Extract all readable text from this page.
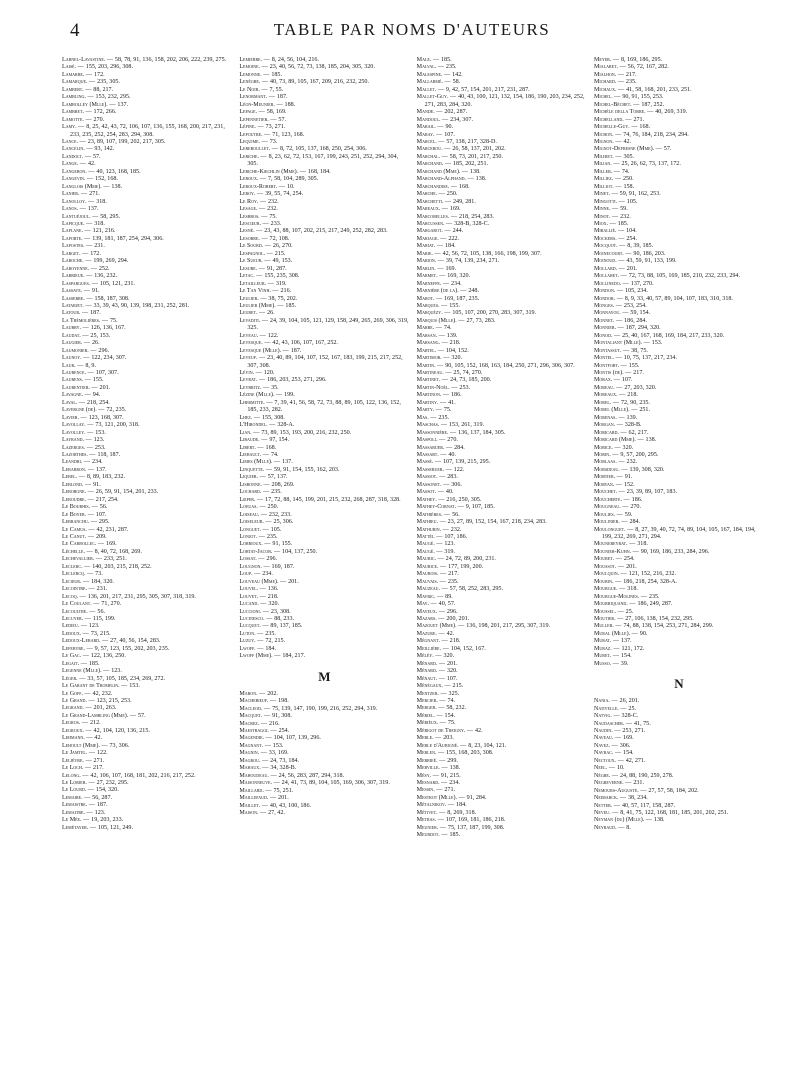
4	TABLE PAR NOMS D'AUTEURS
Labnel-Lavastine. — 58, 78, 91, 136, 158, 202, 206, 222, 239, 275.
Laisé. — 155, 203, 296, 308.
Lamarre. — 172.
Lamarque. — 235, 305.
Lambert. — 88, 217.
Lambling. — 153, 232, 295.
Lambolley (Mlle). — 137.
Lambret. — 172, 266.
Lamotte. — 270.
Lamy. — 8, 25, 42, 43, 72, 106, 107, 136, 155, 168, 200, 217, 231, 233, 235, 252, 254, 283, 294, 308.
Lance. — 23, 89, 107, 199, 202, 217, 305.
Lancelin. — 93, 142.
Landolt. — 57.
Lange. — 42.
Langeron. — 40, 123, 168, 185.
Langevin. — 152, 168.
Langlois (Mme). — 138.
Lanier. — 271.
Lanolloy. — 318.
Lanos. — 137.
Lantuéjoul. — 58, 295.
Lapicque. — 318.
Laplane. — 121, 216.
Laporte. — 139, 181, 187, 254, 294, 306.
Lapostes. — 231.
Larget. — 172.
Laroche. — 199, 269, 294.
Laroyenne. — 252.
Larrieue. — 136, 232.
Laspargues. — 105, 121, 231.
Lassave. — 91.
Lasserre. — 158, 187, 308.
Latarjet. — 33, 39, 43, 90, 139, 198, 231, 252, 281.
Latour. — 187.
La Trémolières. — 75.
Laubry. — 126, 136, 167.
Laudat. — 25, 153.
Laugier. — 26.
Laumonier. — 296.
Launoy. — 122, 234, 307.
Laur. — 8, 9.
Laurence. — 107, 307.
Laurens. — 155.
Laurentier. — 201.
Lavagne. — 94.
Laval. — 218, 254.
Lavergne (de). — 72, 235.
Lavier. — 123, 168, 307.
Lavollay. — 73, 121, 200, 318.
Lavolley. — 153.
Layrand. — 123.
Lazerges. — 253.
Lazorthes. — 118, 187.
Leandri. — 234.
Lebarron. — 137.
Lebel. — 8, 89, 183, 232.
Leblond. — 91.
Leborgne. — 26, 59, 91, 154, 201, 233.
Leboudre. — 217, 254.
Le Bourhis. — 56.
Le Boyer. — 107.
Lebranchu. — 295.
Le Camus. — 42, 231, 287.
Le Canut. — 209.
Le Carbollec. — 169.
Léchelle. — 8, 40, 72, 168, 269.
Lechevallier. — 233, 251.
Leclerc. — 140, 203, 215, 218, 252.
Leclercq. — 73.
Lecœur. — 184, 320.
Lecointre. — 231.
Lecoq. — 136, 201, 217, 231, 295, 305, 307, 318, 319.
Le Coulant. — 71, 270.
Lecoultre. — 56.
Lecuyer. — 115, 199.
Ledieu. — 123.
Ledoux. — 73, 215.
Ledoux-Lebard. — 27, 40, 56, 154, 283.
Lefebvre. — 9, 57, 123, 155, 202, 203, 235.
Le Gac. — 122, 136, 250.
Legait. — 185.
Legenne (Mlle). — 123.
Léger. — 33, 57, 105, 185, 234, 269, 272.
Le Garant de Tromelin. — 153.
Le Goff. — 42, 232.
Le Grand. — 123, 215, 253.
Legrand. — 201, 263.
Le Grand-Lambling (Mme). — 57.
Legros. — 212.
Legroux. — 42, 104, 120, 136, 215.
Lehmann. — 42.
Lehoult (Mme). — 73, 306.
Le Jamtel. — 122.
Lelièvre. — 271.
Le Loch. — 217.
Lelong. — 42, 106, 107, 168, 181, 202, 216, 217, 252.
Le Lorier. — 27, 232, 295.
Le Lourd. — 154, 320.
Lemaire. — 56, 287.
Lemaistre. — 187.
Lemaitre. — 123.
Le Mée. — 19, 203, 233.
Lemétayer. — 105, 121, 249.
Lemierre. — 8, 24, 56, 104, 216.
Lemoine. — 23, 40, 56, 72, 73, 138, 185, 204, 305, 320.
Lemonne. — 185.
Lenègre. — 40, 73, 89, 105, 167, 209, 216, 232, 250.
Le Noir. — 7, 55.
Lenormant. — 187.
Léon-Meunier. — 188.
Lepage. — 58, 169.
Lepennetier. — 57.
Lépine. — 73, 271.
Lepoutre. — 71, 123, 168.
Lequime. — 73.
Lereboullet. — 8, 72, 105, 137, 168, 250, 254, 306.
Leriche. — 8, 23, 62, 72, 153, 167, 199, 243, 251, 252, 294, 304, 305.
Leriche-Kœchlin (Mme). — 168, 184.
Leroux. — 7, 58, 104, 289, 305.
Leroux-Robert. — 10.
Leroy. — 39, 55, 74, 254.
Le Roy. — 232.
Lesage. — 232.
Lesbros. — 75.
Lescœur. — 233.
Lesné. — 23, 43, 88, 107, 202, 215, 217, 249, 252, 282, 283.
Lesobre. — 72, 108.
Le Sourd. — 26, 270.
Lespagnol. — 215.
Le Sueur. — 49, 153.
Lesure. — 91, 287.
Letac. — 155, 235, 308.
Letailleur. — 319.
Le Tan Vinh. — 216.
Leulier. — 38, 75, 202.
Leulier (Mme). — 185.
Leuret. — 26.
Levaditi. — 24, 39, 104, 105, 121, 129, 158, 249, 265, 269, 306, 319, 325.
Leveau. — 122.
Levesque. — 42, 43, 106, 107, 167, 252.
Levesque (Mlle). — 187.
Leveuf. — 23, 40, 89, 104, 107, 152, 167, 183, 199, 215, 217, 252, 307, 308.
Lévin. — 120.
Levrat. — 186, 203, 253, 271, 296.
Leybritz. — 35.
Lézine (Mlle). — 199.
Lhermitte. — 7, 39, 41, 56, 58, 72, 73, 88, 89, 105, 122, 136, 152, 185, 233, 282.
Lhez. — 155, 308.
L'Hirondel. — 328-A.
Lian. — 73, 89, 153, 193, 200, 216, 232, 250.
Libaude. — 97, 154.
Libert. — 168.
Liebault. — 74.
Limes (Mlle). — 137.
Linquette. — 59, 91, 154, 155, 162, 203.
Liquier. — 57, 137.
Lisbonne. — 208, 269.
Lochard. — 235.
Lœper. — 17, 72, 88, 145, 199, 201, 215, 232, 268, 287, 318, 328.
Loeuas. — 250.
Loiseau. — 232, 233.
Loiseleur. — 25, 306.
Longuet. — 105.
Lonjot. — 235.
Lorrioux. — 91, 155.
Lortat-Jacob. — 104, 137, 250.
Lossat. — 296.
Lougnon. — 169, 187.
Loup. — 234.
Louveau (Mme). — 201.
Louvel. — 136.
Louvet. — 218.
Lucand. — 320.
Luccioni. — 23, 308.
Lucinesco. — 88, 233.
Lucquet. — 89, 137, 185.
Luton. — 235.
Luzuy. — 72, 215.
Lwoff. — 184.
Lwoff (Mme). — 184, 217.
M
Mabon. — 202.
Machebœuf. — 198.
Macleod. — 75, 139, 147, 190, 199, 216, 252, 294, 319.
Macquet. — 91, 308.
Macrez. — 216.
Maestraggi. — 254.
Magendie. — 104, 107, 139, 296.
Magnant. — 153.
Magnin. — 33, 169.
Magrou. — 24, 73, 184.
Mahaux. — 34, 328-B.
Mahoudeau. — 24, 56, 283, 287, 294, 318.
Maisonneuve. — 24, 41, 73, 89, 104, 105, 169, 306, 307, 319.
Maillard. — 75, 251.
Maillefaud. — 201.
Maillet. — 40, 43, 100, 186.
Maison. — 27, 42.
Male. — 185.
Malval. — 235.
Malespine. — 142.
Mallarmé. — 58.
Mallet. — 9, 42, 57, 154, 201, 217, 231, 287.
Mallet-Guy. — 40, 43, 100, 121, 132, 154, 186, 190, 203, 234, 252, 271, 283, 284, 320.
Mande. — 202, 287.
Mandoul. — 234, 307.
Marail. — 90.
Maray. — 107.
Marcel. — 57, 138, 217, 328-D.
Marcerou. — 26, 58, 137, 201, 202.
Marchal. — 58, 73, 201, 217, 250.
Marchand. — 185, 202, 251.
Marchand (Mme). — 138.
Marchand-Alphand. — 138.
Marchandise. — 168.
Marche. — 250.
Marchetti. — 249, 281.
Mareaux. — 169.
Marcorelles. — 218, 254, 283.
Marcussen. — 328-B, 328-C.
Margarot. — 244.
Mariage. — 222.
Mariat. — 184.
Marie. — 42, 56, 72, 105, 138, 166, 198, 199, 307.
Marion. — 39, 74, 139, 234, 271.
Marlin. — 169.
Marmet. — 169, 320.
Marneffe. — 234.
Marnière (de la). — 248.
Marot. — 169, 187, 235.
Marques. — 155.
Marquézy. — 105, 107, 200, 270, 283, 307, 319.
Marquis (Mlle). — 27, 73, 283.
Marre. — 74.
Marsan. — 139.
Marsang. — 218.
Martel. — 104, 152.
Martimor. — 320.
Martin. — 90, 105, 152, 168, 163, 184, 250, 271, 296, 306, 307.
Martineau. — 25, 74, 270.
Martinet. — 24, 73, 185, 200.
Martin-Noël. — 253.
Martinon. — 186.
Martiny. — 41.
Marty. — 75.
Mas. — 235.
Maschas. — 153, 261, 319.
Massonnière. — 136, 137, 184, 305.
Maspoli. — 270.
Massabuer. — 284.
Massart. — 40.
Massé. — 107, 139, 215, 295.
Masseruer. — 122.
Massiot. — 283.
Massonet. — 306.
Massot. — 40.
Mathey. — 216, 250, 305.
Mathey-Cornat. — 9, 107, 185.
Mathières. — 56.
Mathieu. — 23, 27, 89, 152, 154, 167, 218, 234, 283.
Mathurin. — 232.
Mattéi. — 107, 186.
Maugé. — 123.
Maugé. — 319.
Mauric. — 24, 72, 89, 200, 231.
Maurice. — 177, 199, 200.
Maurois. — 217.
Mauvais. — 235.
Mauzeau. — 57, 58, 252, 283, 295.
Mavric. — 89.
May. — 40, 57.
Mayeux. — 296.
Mazars. — 200, 201.
Mazouet (Mme). — 136, 198, 201, 217, 295, 307, 319.
Mazure. — 42.
Mégnant. — 218.
Meillière. — 104, 152, 167.
Mélèy. — 320.
Ménard. — 201.
Ménard. — 320.
Ménaut. — 107.
Ménégaux. — 215.
Mentzer. — 325.
Mercier. — 74.
Merger. — 58, 232.
Mériel. — 154.
Mériéux. — 75.
Mérigot de Treigny. — 42.
Merle. — 203.
Merle d'Aubigné. — 8, 23, 104, 121.
Merlen. — 155, 168, 203, 308.
Merrieé. — 299.
Merville. — 138.
Mésy. — 91, 215.
Mesnard. — 234.
Messin. — 271.
Mestrot (Mlle). — 91, 284.
Métalnikov. — 184.
Métivet. — 8, 269, 318.
Metras. — 107, 169, 181, 186, 218.
Meunier. — 75, 137, 187, 199, 308.
Meurdot. — 185.
Meyer. — 8, 169, 186, 295.
Mialaret. — 56, 72, 167, 282.
Mialhon. — 217.
Michard. — 235.
Michaux. — 41, 58, 168, 201, 233, 251.
Michel. — 90, 91, 155, 253.
Michel-Béchet. — 187, 252.
Michèle della Torre. — 40, 269, 319.
Michelland. — 271.
Michelle-Guy. — 168.
Michon. — 74, 76, 184, 218, 234, 294.
Mignon. — 42.
Mignot-Defresne (Mme). — 57.
Milhiet. — 305.
Milian. — 25, 26, 62, 73, 137, 172.
Miller. — 74.
Milliez. — 250.
Milliot. — 158.
Minet. — 59, 91, 162, 253.
Mingotti. — 105.
Minne. — 59.
Minot. — 232.
Miox. — 185.
Mirallié. — 104.
Mockers. — 254.
Mocquot. — 8, 39, 185.
Moinecourt. — 90, 186, 203.
Moinoud. — 43, 59, 91, 133, 199.
Mollard. — 201.
Mollaret. — 72, 73, 88, 105, 169, 185, 210, 232, 233, 294.
Mollinedo. — 137, 270.
Mondon. — 105, 234.
Mondor. — 8, 9, 33, 40, 57, 89, 104, 107, 183, 310, 318.
Monges. — 253, 254.
Monnayou. — 59, 154.
Monnet. — 186, 284.
Monnier. — 187, 294, 320.
Monod. — 25, 40, 167, 168, 169, 184, 217, 233, 320.
Montaliant (Mlle). — 153.
Montassut. — 38, 75.
Montel. — 10, 75, 137, 217, 234.
Montfort. — 155.
Montis (de). — 217.
Morax. — 107.
Moreau. — 27, 203, 320.
Moreaux. — 218.
Morel. — 72, 90, 235.
Morel (Mlle). — 251.
Morenas. — 139.
Morgan. — 328-B.
Moricard. — 62, 217.
Moricard (Mme). — 138.
Morice. — 320.
Morin. — 9, 57, 200, 295.
Morlaas. — 232.
Morsdeau. — 139, 308, 320.
Mortier. — 91.
Morvan. — 152.
Mouchet. — 23, 39, 89, 107, 183.
Moucherte. — 186.
Mougneau. — 270.
Moulies. — 59.
Moulinier. — 284.
Moulonguet. — 8, 27, 39, 40, 72, 74, 89, 104, 105, 167, 184, 194, 199, 232, 269, 271, 294.
Mounereyrat. — 318.
Mounier-Kuhn. — 90, 169, 186, 233, 284, 296.
Mouret. — 254.
Moussot. — 201.
Moulquin. — 121, 152, 216, 232.
Mourin. — 186, 218, 254, 328-A.
Mourgue. — 318.
Mourgue-Molines. — 235.
Mourriquand. — 186, 249, 287.
Moussel. — 25.
Moutier. — 27, 106, 138, 154, 232, 295.
Muller. — 74, 88, 138, 154, 253, 271, 284, 299.
Mural (Mlle). — 90.
Murat. — 137.
Muraz. — 121, 172.
Muret. — 154.
Musso. — 39.
N
Nania. — 26, 201.
Nativelle. — 25.
Natvig. — 328-C.
Naudascher. — 41, 75.
Naudin. — 253, 271.
Naveau. — 169.
Navez. — 306.
Navrac. — 154.
Nectoux. — 42, 271.
Neel. — 10.
Nègre. — 24, 88, 190, 259, 278.
Negreverne. — 231.
Nemours-Auguste. — 27, 57, 58, 184, 202.
Neimarck. — 38, 234.
Netter. — 40, 57, 117, 158, 287.
Neveu. — 8, 41, 75, 122, 168, 181, 185, 201, 202, 251.
Neyman (du) (Mlle). — 138.
Neyraud. — 8.
